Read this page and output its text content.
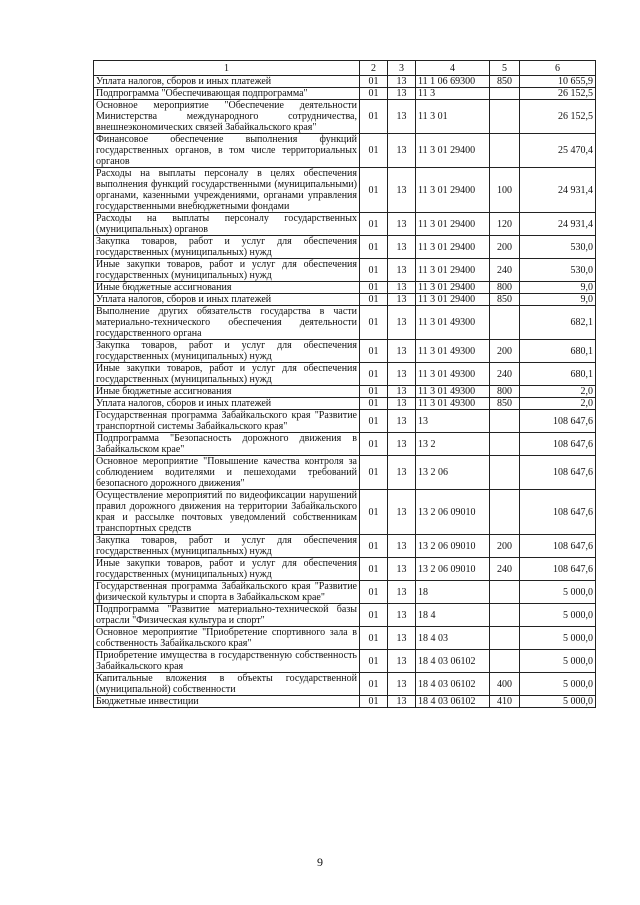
1	2	3	4	5	6
Уплата налогов, сборов и иных платежей	01	13	11 1 06 69300	850	10 655,9
Подпрограмма "Обеспечивающая подпрограмма"	01	13	11 3		26 152,5
Основное мероприятие "Обеспечение деятельности Министерства международного сотрудничества, внешнеэкономических связей Забайкальского края"	01	13	11 3 01		26 152,5
Финансовое обеспечение выполнения функций государственных органов, в том числе территориальных органов	01	13	11 3 01 29400		25 470,4
Расходы на выплаты персоналу в целях обеспечения выполнения функций государственными (муниципальными) органами, казенными учреждениями, органами управления государственными внебюджетными фондами	01	13	11 3 01 29400	100	24 931,4
Расходы на выплаты персоналу государственных (муниципальных) органов	01	13	11 3 01 29400	120	24 931,4
Закупка товаров, работ и услуг для обеспечения государственных (муниципальных) нужд	01	13	11 3 01 29400	200	530,0
Иные закупки товаров, работ и услуг для обеспечения государственных (муниципальных) нужд	01	13	11 3 01 29400	240	530,0
Иные бюджетные ассигнования	01	13	11 3 01 29400	800	9,0
Уплата налогов, сборов и иных платежей	01	13	11 3 01 29400	850	9,0
Выполнение других обязательств государства в части материально-технического обеспечения деятельности государственного органа	01	13	11 3 01 49300		682,1
Закупка товаров, работ и услуг для обеспечения государственных (муниципальных) нужд	01	13	11 3 01 49300	200	680,1
Иные закупки товаров, работ и услуг для обеспечения государственных (муниципальных) нужд	01	13	11 3 01 49300	240	680,1
Иные бюджетные ассигнования	01	13	11 3 01 49300	800	2,0
Уплата налогов, сборов и иных платежей	01	13	11 3 01 49300	850	2,0
Государственная программа Забайкальского края "Развитие транспортной системы Забайкальского края"	01	13	13		108 647,6
Подпрограмма "Безопасность дорожного движения в Забайкальском крае"	01	13	13 2		108 647,6
Основное мероприятие "Повышение качества контроля за соблюдением водителями и пешеходами требований безопасного дорожного движения"	01	13	13 2 06		108 647,6
Осуществление мероприятий по видеофиксации нарушений правил дорожного движения на территории Забайкальского края и рассылке почтовых уведомлений собственникам транспортных средств	01	13	13 2 06 09010		108 647,6
Закупка товаров, работ и услуг для обеспечения государственных (муниципальных) нужд	01	13	13 2 06 09010	200	108 647,6
Иные закупки товаров, работ и услуг для обеспечения государственных (муниципальных) нужд	01	13	13 2 06 09010	240	108 647,6
Государственная программа Забайкальского края "Развитие физической культуры и спорта в Забайкальском крае"	01	13	18		5 000,0
Подпрограмма "Развитие материально-технической базы отрасли "Физическая культура и спорт"	01	13	18 4		5 000,0
Основное мероприятие "Приобретение спортивного зала в собственность Забайкальского края"	01	13	18 4 03		5 000,0
Приобретение имущества в государственную собственность Забайкальского края	01	13	18 4 03 06102		5 000,0
Капитальные вложения в объекты государственной (муниципальной) собственности	01	13	18 4 03 06102	400	5 000,0
Бюджетные инвестиции	01	13	18 4 03 06102	410	5 000,0
9
